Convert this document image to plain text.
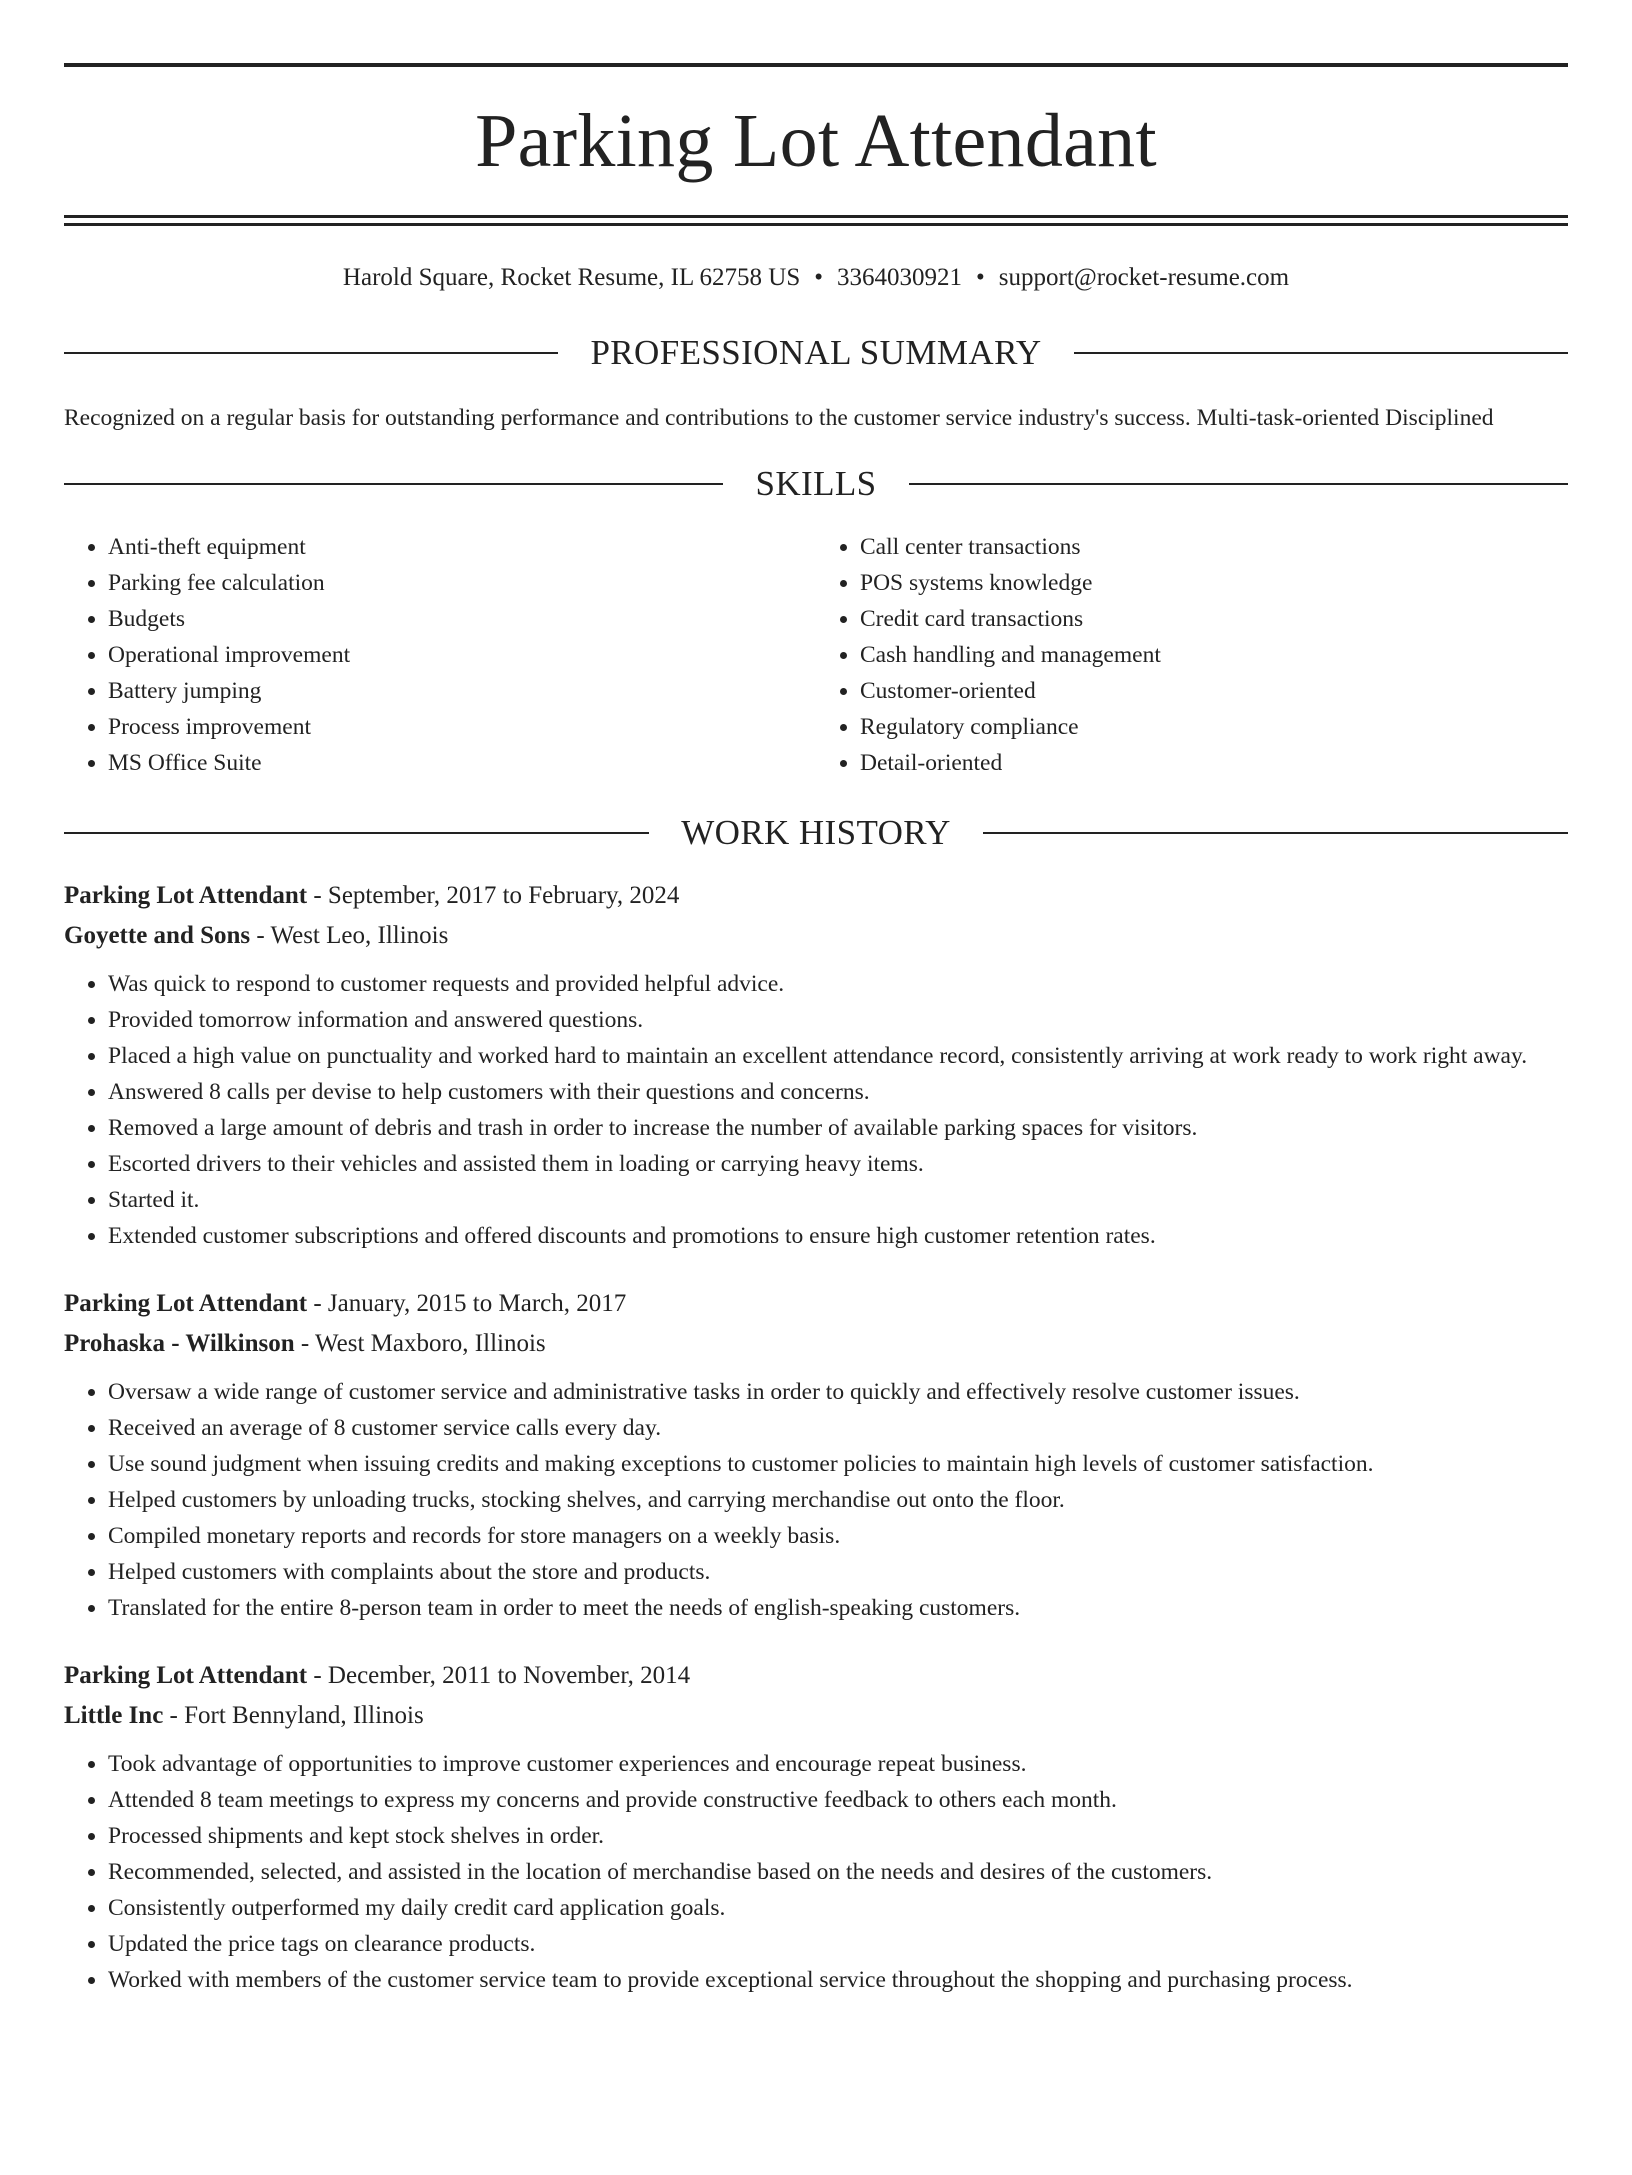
Parking Lot Attendant
Harold Square, Rocket Resume, IL 62758 US • 3364030921 • support@rocket-resume.com
PROFESSIONAL SUMMARY
Recognized on a regular basis for outstanding performance and contributions to the customer service industry's success. Multi-task-oriented Disciplined
SKILLS
• Anti-theft equipment
• Parking fee calculation
• Budgets
• Operational improvement
• Battery jumping
• Process improvement
• MS Office Suite
• Call center transactions
• POS systems knowledge
• Credit card transactions
• Cash handling and management
• Customer-oriented
• Regulatory compliance
• Detail-oriented
WORK HISTORY
Parking Lot Attendant - September, 2017 to February, 2024
Goyette and Sons - West Leo, Illinois
• Was quick to respond to customer requests and provided helpful advice.
• Provided tomorrow information and answered questions.
• Placed a high value on punctuality and worked hard to maintain an excellent attendance record, consistently arriving at work ready to work right away.
• Answered 8 calls per devise to help customers with their questions and concerns.
• Removed a large amount of debris and trash in order to increase the number of available parking spaces for visitors.
• Escorted drivers to their vehicles and assisted them in loading or carrying heavy items.
• Started it.
• Extended customer subscriptions and offered discounts and promotions to ensure high customer retention rates.
Parking Lot Attendant - January, 2015 to March, 2017
Prohaska - Wilkinson - West Maxboro, Illinois
• Oversaw a wide range of customer service and administrative tasks in order to quickly and effectively resolve customer issues.
• Received an average of 8 customer service calls every day.
• Use sound judgment when issuing credits and making exceptions to customer policies to maintain high levels of customer satisfaction.
• Helped customers by unloading trucks, stocking shelves, and carrying merchandise out onto the floor.
• Compiled monetary reports and records for store managers on a weekly basis.
• Helped customers with complaints about the store and products.
• Translated for the entire 8-person team in order to meet the needs of english-speaking customers.
Parking Lot Attendant - December, 2011 to November, 2014
Little Inc - Fort Bennyland, Illinois
• Took advantage of opportunities to improve customer experiences and encourage repeat business.
• Attended 8 team meetings to express my concerns and provide constructive feedback to others each month.
• Processed shipments and kept stock shelves in order.
• Recommended, selected, and assisted in the location of merchandise based on the needs and desires of the customers.
• Consistently outperformed my daily credit card application goals.
• Updated the price tags on clearance products.
• Worked with members of the customer service team to provide exceptional service throughout the shopping and purchasing process.
